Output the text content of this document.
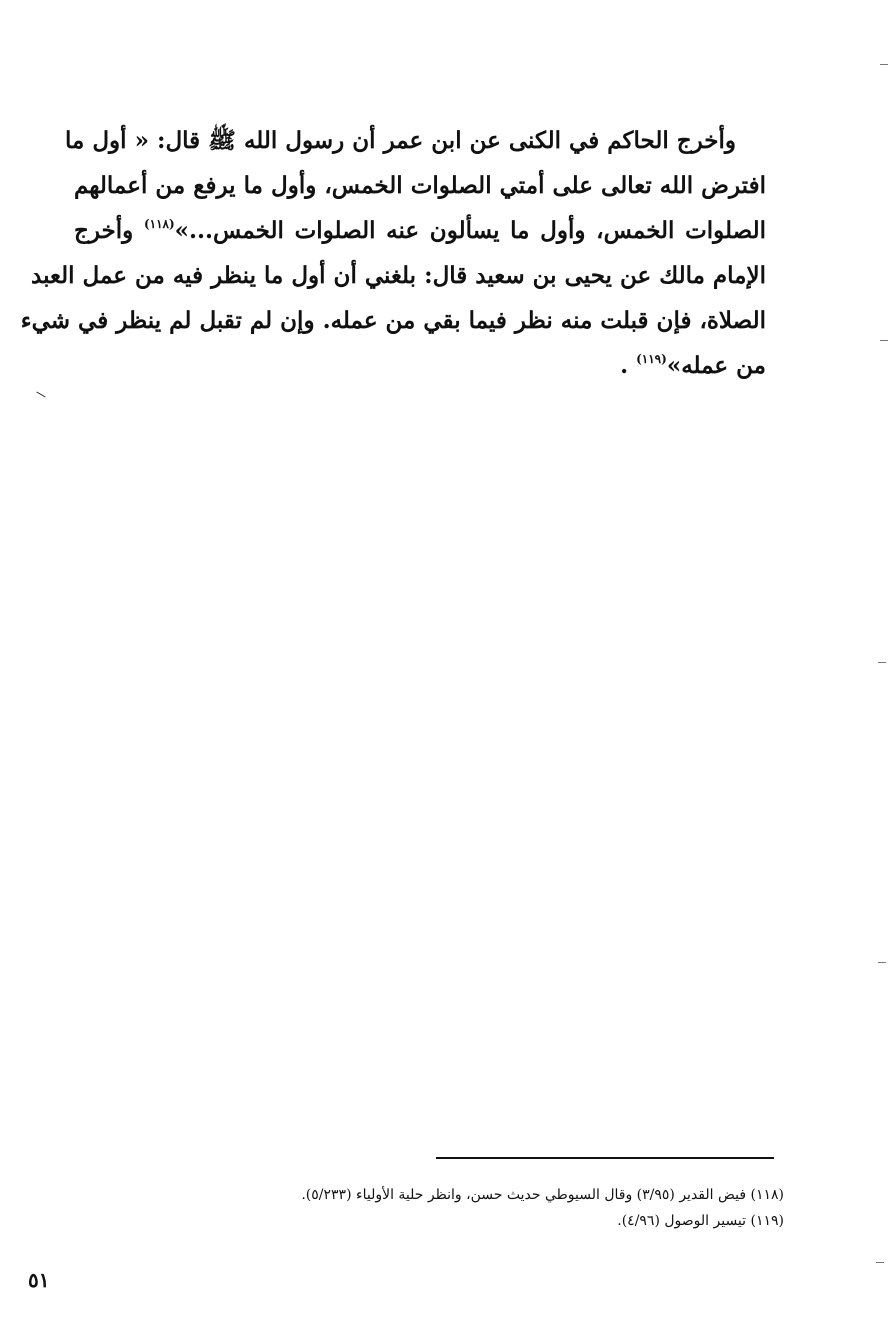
وأخرج الحاكم في الكنى عن ابن عمر أن رسول الله ﷺ قال: « أول ما
افترض الله تعالى على أمتي الصلوات الخمس، وأول ما يرفع من أعمالهم
الصلوات الخمس، وأول ما يسألون عنه الصلوات الخمس...»$^{(١١٨)}$ وأخرج
الإمام مالك عن يحيى بن سعيد قال: بلغني أن أول ما ينظر فيه من عمل العبد
الصلاة، فإن قبلت منه نظر فيما بقي من عمله. وإن لم تقبل لم ينظر في شيء
من عمله»$^{(١١٩)}$ .
(١١٨) فيض القدير (٣/٩٥) وقال السيوطي حديث حسن، وانظر حلية الأولياء (٥/٢٣٣).
(١١٩) تيسير الوصول (٤/٩٦).
٥١
